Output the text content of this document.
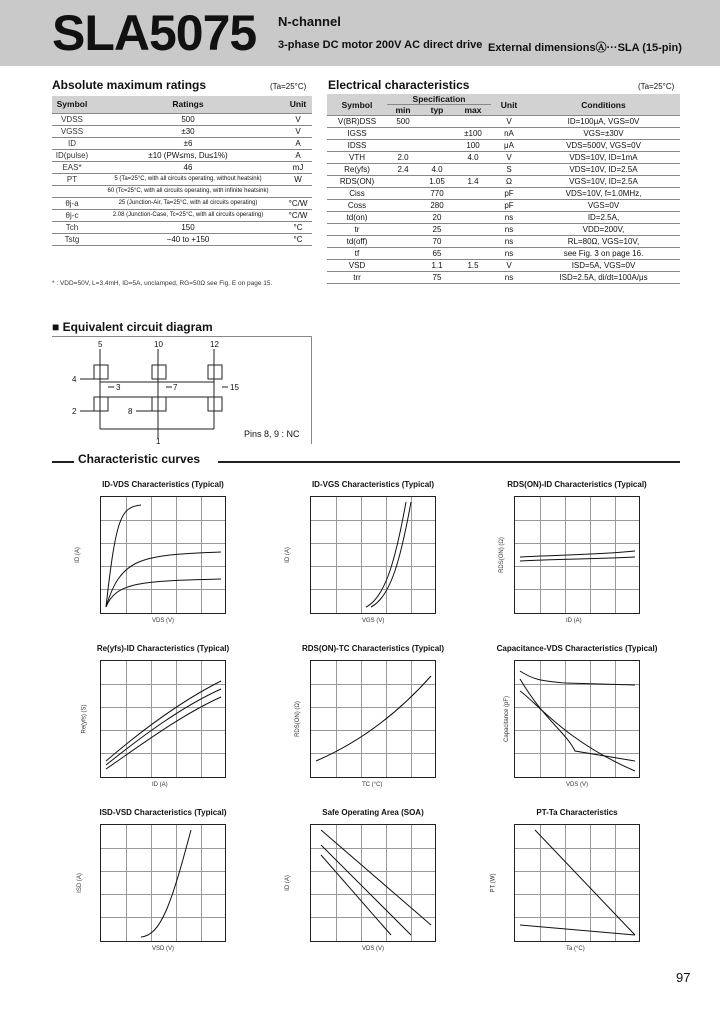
SLA5075 N-channel
3-phase DC motor 200V AC direct drive External dimensionsⒶ···SLA (15-pin)
Absolute maximum ratings	(Ta=25°C)
Symbol	Ratings	Unit
VDSS	500	V
VGSS	±30	V
ID	±6	A
ID(pulse)	±10 (PW≤ms, Du≤1%)	A
EAS*	46	mJ
PT	5 (Ta=25°C, with all circuits operating, without heatsink)	W
	60 (Tc=25°C, with all circuits operating, with infinite heatsink)	
θj-a	25 (Junction-Air, Ta=25°C, with all circuits operating)	°C/W
θj-c	2.08 (Junction-Case, Tc=25°C, with all circuits operating)	°C/W
Tch	150	°C
Tstg	−40 to +150	°C
* : VDD=50V, L=3.4mH, ID=5A, unclamped, RG=50Ω see Fig. E on page 15.
Electrical characteristics	(Ta=25°C)
Symbol	Specification			Unit	Conditions
	min	typ	max		
V(BR)DSS	500			V	ID=100μA, VGS=0V
IGSS			±100	nA	VGS=±30V
IDSS			100	μA	VDS=500V, VGS=0V
VTH	2.0		4.0	V	VDS=10V, ID=1mA
Re(yfs)	2.4	4.0		S	VDS=10V, ID=2.5A
RDS(ON)		1.05	1.4	Ω	VGS=10V, ID=2.5A
Ciss		770		pF	VDS=10V, f=1.0MHz,
Coss		280		pF	VGS=0V
td(on)		20		ns	ID=2.5A,
tr		25		ns	VDD=200V,
td(off)		70		ns	RL=80Ω, VGS=10V,
tf		65		ns	see Fig. 3 on page 16.
VSD		1.1	1.5	V	ISD=5A, VGS=0V
trr		75		ns	ISD=2.5A, di/dt=100A/μs
■ Equivalent circuit diagram
5	10	12
4
2	8
3	7	15
1
Pins 8, 9 : NC
Characteristic curves
ID-VDS Characteristics (Typical)
VDS (V)
ID (A)
ID-VGS Characteristics (Typical)
VGS (V)
ID (A)
RDS(ON)-ID Characteristics (Typical)
ID (A)
RDS(ON) (Ω)
Re(yfs)-ID Characteristics (Typical)
ID (A)
Re(yfs) (S)
RDS(ON)-TC Characteristics (Typical)
TC (°C)
RDS(ON) (Ω)
Capacitance-VDS Characteristics (Typical)
VDS (V)
Capacitance (pF)
ISD-VSD Characteristics (Typical)
VSD (V)
ISD (A)
Safe Operating Area (SOA)
VDS (V)
ID (A)
PT-Ta Characteristics
Ta (°C)
PT (W)
97
